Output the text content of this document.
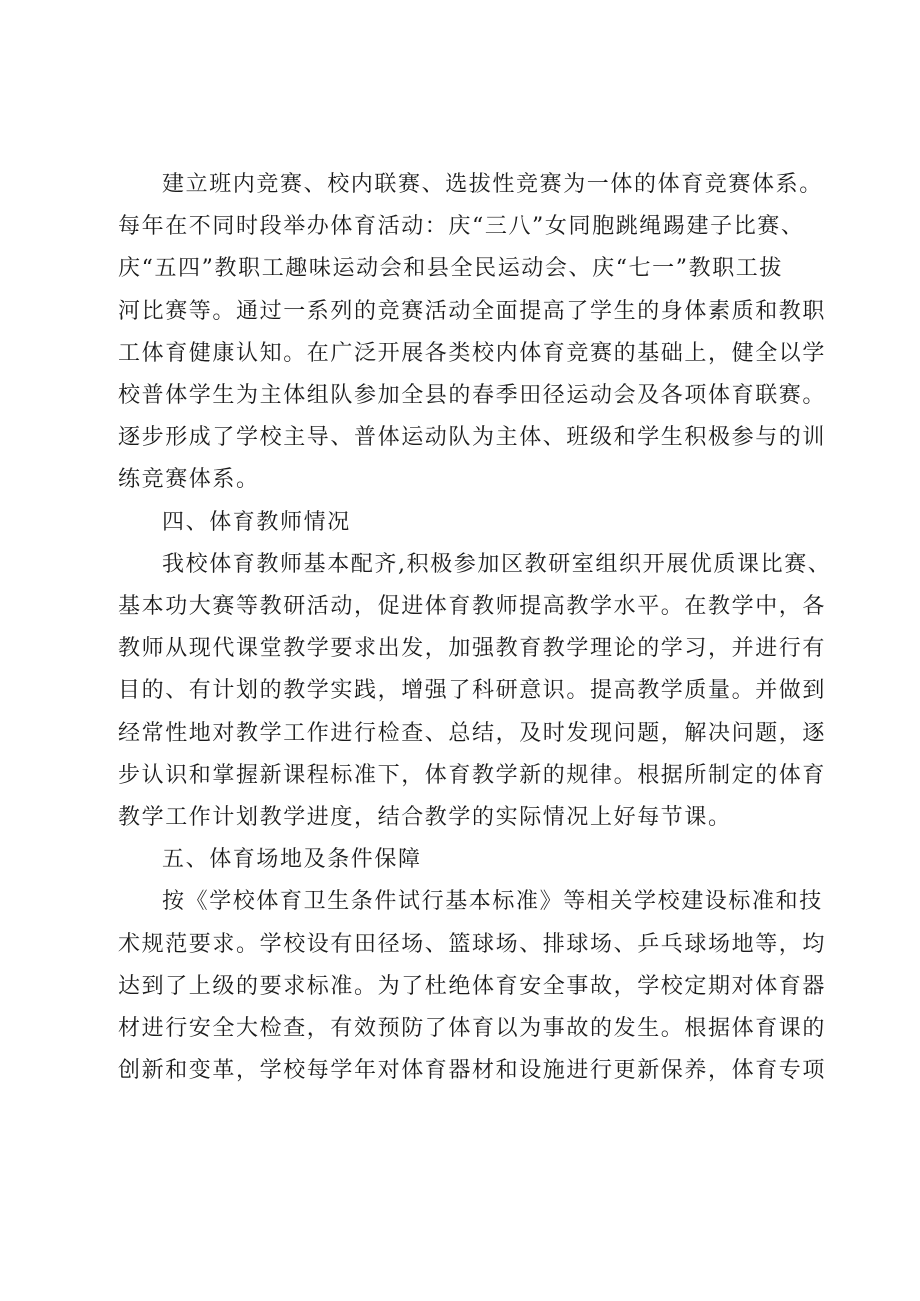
建立班内竞赛、校内联赛、选拔性竞赛为一体的体育竞赛体系。
每年在不同时段举办体育活动：庆“三八”女同胞跳绳踢建子比赛、
庆“五四”教职工趣味运动会和县全民运动会、庆“七一”教职工拔
河比赛等。通过一系列的竞赛活动全面提高了学生的身体素质和教职
工体育健康认知。在广泛开展各类校内体育竞赛的基础上，健全以学
校普体学生为主体组队参加全县的春季田径运动会及各项体育联赛。
逐步形成了学校主导、普体运动队为主体、班级和学生积极参与的训
练竞赛体系。

四、体育教师情况

我校体育教师基本配齐,积极参加区教研室组织开展优质课比赛、
基本功大赛等教研活动，促进体育教师提高教学水平。在教学中，各
教师从现代课堂教学要求出发，加强教育教学理论的学习，并进行有
目的、有计划的教学实践，增强了科研意识。提高教学质量。并做到
经常性地对教学工作进行检查、总结，及时发现问题，解决问题，逐
步认识和掌握新课程标准下，体育教学新的规律。根据所制定的体育
教学工作计划教学进度，结合教学的实际情况上好每节课。

五、体育场地及条件保障

按《学校体育卫生条件试行基本标准》等相关学校建设标准和技
术规范要求。学校设有田径场、篮球场、排球场、乒乓球场地等，均
达到了上级的要求标准。为了杜绝体育安全事故，学校定期对体育器
材进行安全大检查，有效预防了体育以为事故的发生。根据体育课的
创新和变革，学校每学年对体育器材和设施进行更新保养，体育专项
